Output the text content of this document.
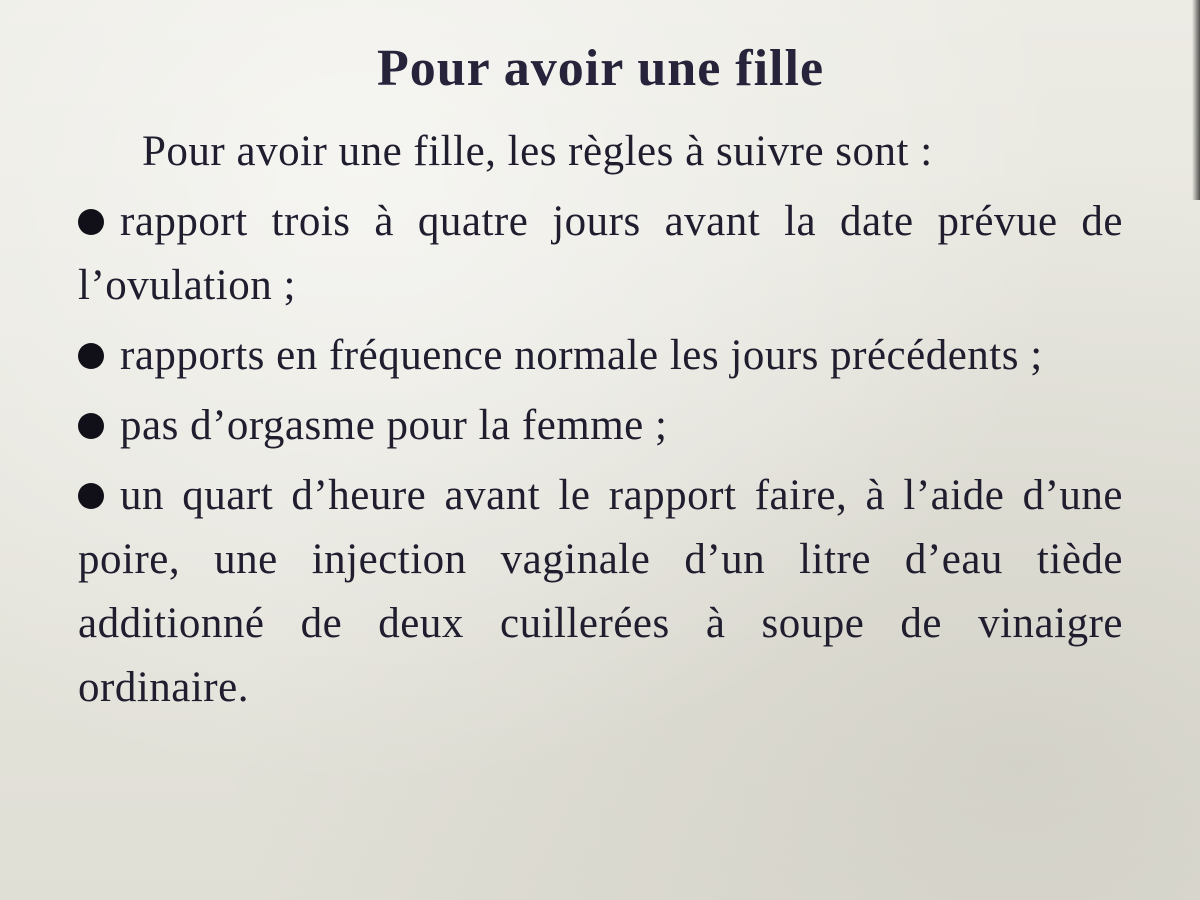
Pour avoir une fille

Pour avoir une fille, les règles à suivre sont :

rapport trois à quatre jours avant la date prévue de l’ovulation ;
rapports en fréquence normale les jours précédents ;
pas d’orgasme pour la femme ;
un quart d’heure avant le rapport faire, à l’aide d’une poire, une injection vaginale d’un litre d’eau tiède additionné de deux cuillerées à soupe de vinaigre ordinaire.
